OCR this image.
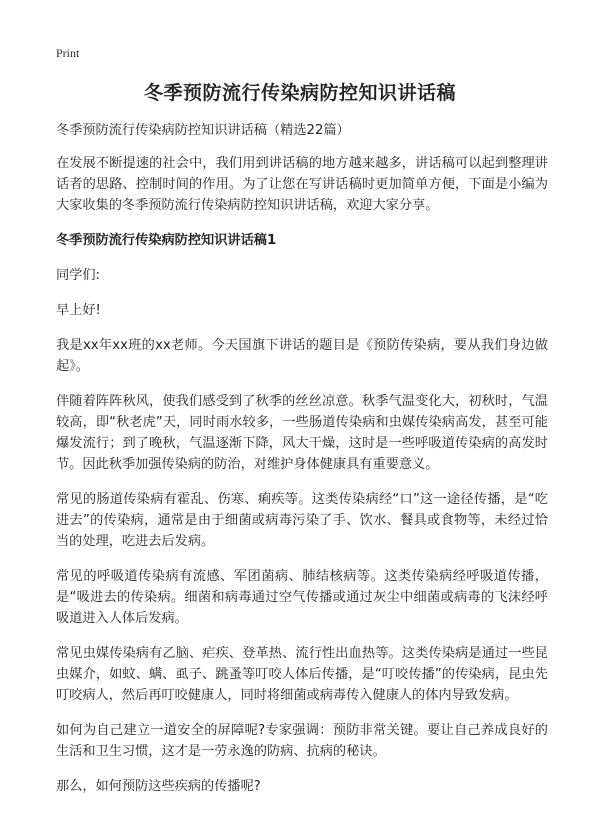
Print
冬季预防流行传染病防控知识讲话稿

冬季预防流行传染病防控知识讲话稿（精选22篇）

在发展不断提速的社会中，我们用到讲话稿的地方越来越多，讲话稿可以起到整理讲话者的思路、控制时间的作用。为了让您在写讲话稿时更加简单方便，下面是小编为大家收集的冬季预防流行传染病防控知识讲话稿，欢迎大家分享。

冬季预防流行传染病防控知识讲话稿1

同学们:

早上好!

我是xx年xx班的xx老师。今天国旗下讲话的题目是《预防传染病，要从我们身边做起》。

伴随着阵阵秋风，使我们感受到了秋季的丝丝凉意。秋季气温变化大，初秋时，气温较高，即“秋老虎”天，同时雨水较多，一些肠道传染病和虫媒传染病高发，甚至可能爆发流行；到了晚秋，气温逐渐下降，风大干燥，这时是一些呼吸道传染病的高发时节。因此秋季加强传染病的防治，对维护身体健康具有重要意义。

常见的肠道传染病有霍乱、伤寒、痢疾等。这类传染病经“口”这一途径传播，是“吃进去”的传染病，通常是由于细菌或病毒污染了手、饮水、餐具或食物等，未经过恰当的处理，吃进去后发病。

常见的呼吸道传染病有流感、军团菌病、肺结核病等。这类传染病经呼吸道传播，是“吸进去的传染病。细菌和病毒通过空气传播或通过灰尘中细菌或病毒的飞沫经呼吸道进入人体后发病。

常见虫媒传染病有乙脑、疟疾、登革热、流行性出血热等。这类传染病是通过一些昆虫媒介，如蚊、螨、虱子、跳蚤等叮咬人体后传播，是“叮咬传播”的传染病，昆虫先叮咬病人，然后再叮咬健康人，同时将细菌或病毒传入健康人的体内导致发病。

如何为自己建立一道安全的屏障呢?专家强调：预防非常关键。要让自己养成良好的生活和卫生习惯，这才是一劳永逸的防病、抗病的秘诀。

那么，如何预防这些疾病的传播呢?
